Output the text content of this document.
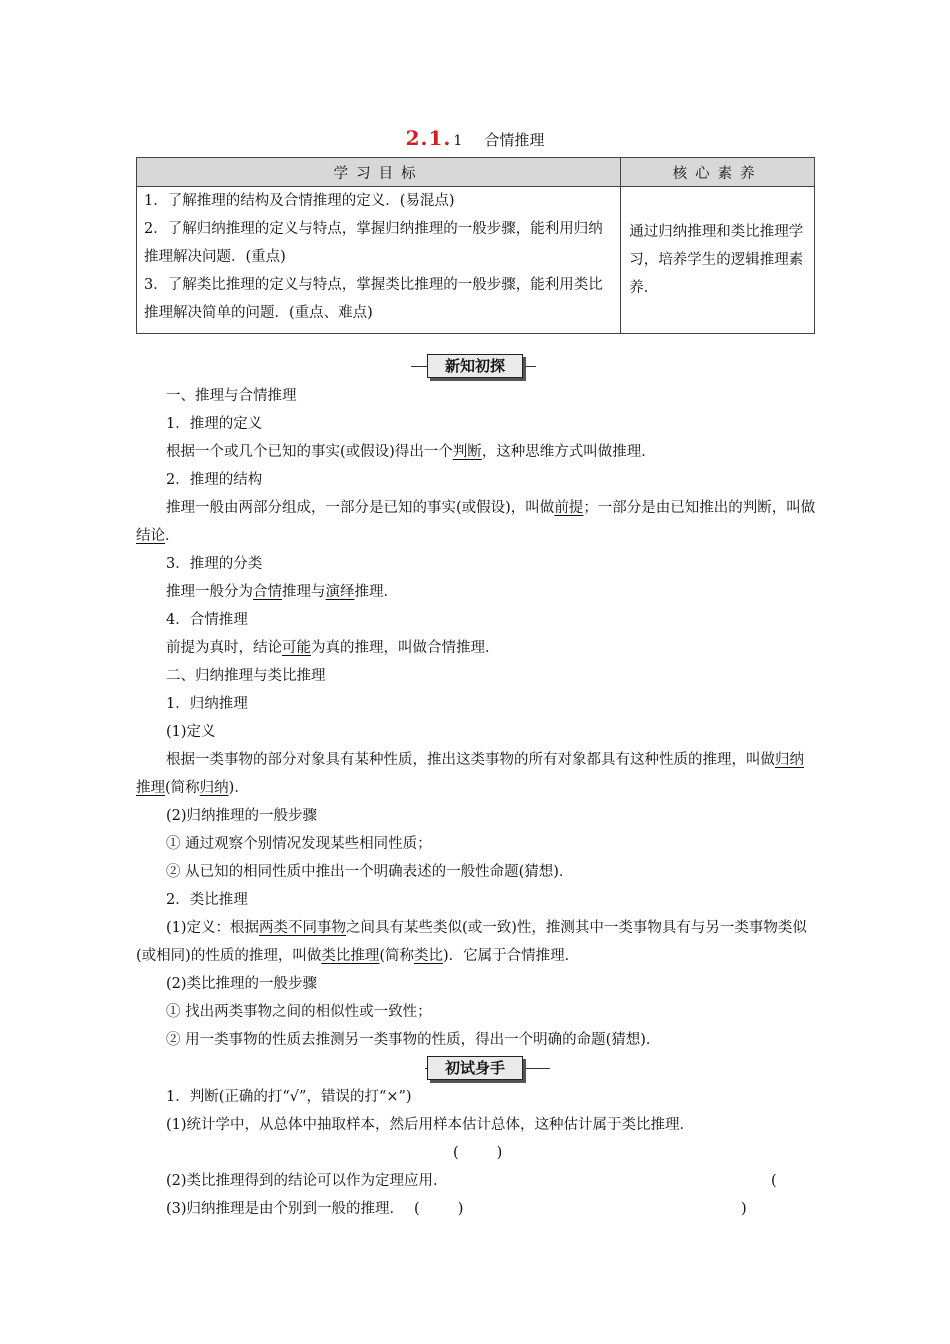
2.1. 1 合情推理
学习目标	核心素养

1．了解推理的结构及合情推理的定义．(易混点)
2．了解归纳推理的定义与特点，掌握归纳推理的一般步骤，能利用归纳推理解决问题．(重点)
3．了解类比推理的定义与特点，掌握类比推理的一般步骤，能利用类比推理解决简单的问题．(重点、难点)	通过归纳推理和类比推理学习，培养学生的逻辑推理素养．
新知初探

一、推理与合情推理

1．推理的定义

根据一个或几个已知的事实(或假设)得出一个判断，这种思维方式叫做推理．

2．推理的结构

推理一般由两部分组成，一部分是已知的事实(或假设)，叫做前提；一部分是由已知推出的判断，叫做结论．

3．推理的分类

推理一般分为合情推理与演绎推理．

4．合情推理

前提为真时，结论可能为真的推理，叫做合情推理．

二、归纳推理与类比推理

1．归纳推理

(1)定义

根据一类事物的部分对象具有某种性质，推出这类事物的所有对象都具有这种性质的推理，叫做归纳推理(简称归纳)．

(2)归纳推理的一般步骤

① 通过观察个别情况发现某些相同性质；

② 从已知的相同性质中推出一个明确表述的一般性命题(猜想)．

2．类比推理

(1)定义：根据两类不同事物之间具有某些类似(或一致)性，推测其中一类事物具有与另一类事物类似(或相同)的性质的推理，叫做类比推理(简称类比)．它属于合情推理．

(2)类比推理的一般步骤

① 找出两类事物之间的相似性或一致性；

② 用一类事物的性质去推测另一类事物的性质，得出一个明确的命题(猜想)．

初试身手

1．判断(正确的打“√”，错误的打“×”)

(1)统计学中，从总体中抽取样本，然后用样本估计总体，这种估计属于类比推理．

(	)

(2)类比推理得到的结论可以作为定理应用．	()

(3)归纳推理是由个别到一般的推理． (	)
